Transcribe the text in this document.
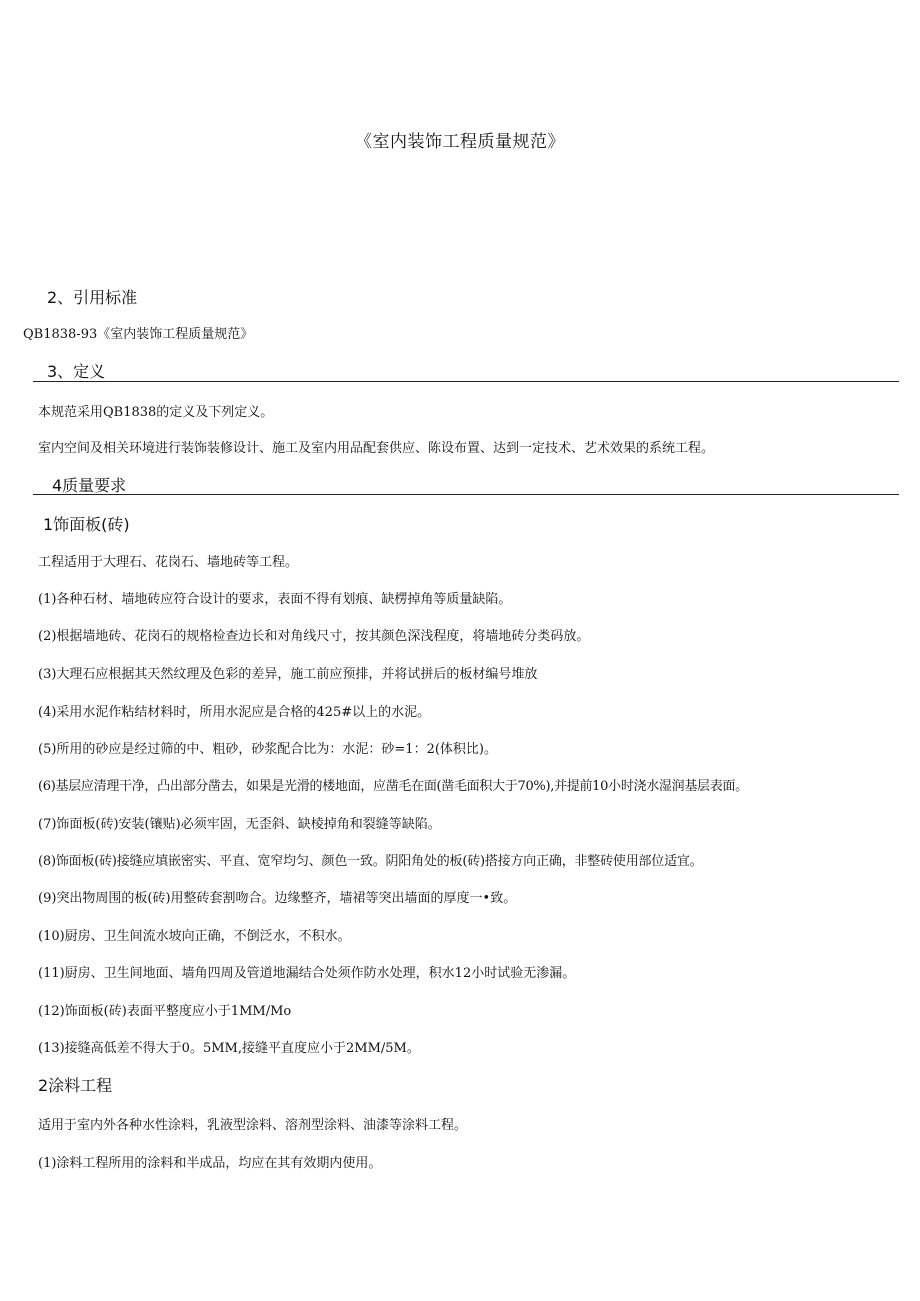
《室内装饰工程质量规范》
2、引用标准
QB1838-93《室内装饰工程质量规范》
3、定义
本规范采用QB1838的定义及下列定义。
室内空间及相关环境进行装饰装修设计、施工及室内用品配套供应、陈设布置、达到一定技术、艺术效果的系统工程。
4质量要求
1饰面板(砖)
工程适用于大理石、花岗石、墙地砖等工程。
(1)各种石材、墙地砖应符合设计的要求，表面不得有划痕、缺楞掉角等质量缺陷。
(2)根据墙地砖、花岗石的规格检查边长和对角线尺寸，按其颜色深浅程度，将墙地砖分类码放。
(3)大理石应根据其天然纹理及色彩的差异，施工前应预排，并将试拼后的板材编号堆放
(4)采用水泥作粘结材料时，所用水泥应是合格的425#以上的水泥。
(5)所用的砂应是经过筛的中、粗砂，砂浆配合比为：水泥：砂=1：2(体积比)。
(6)基层应清理干净，凸出部分凿去，如果是光滑的楼地面，应凿毛在面(凿毛面积大于70%),并提前10小时浇水湿润基层表面。
(7)饰面板(砖)安装(镶贴)必须牢固，无歪斜、缺棱掉角和裂缝等缺陷。
(8)饰面板(砖)接缝应填嵌密实、平直、宽窄均匀、颜色一致。阴阳角处的板(砖)搭接方向正确，非整砖使用部位适宜。
(9)突出物周围的板(砖)用整砖套割吻合。边缘整齐，墙裙等突出墙面的厚度一•致。
(10)厨房、卫生间流水坡向正确，不倒泛水，不积水。
(11)厨房、卫生间地面、墙角四周及管道地漏结合处须作防水处理，积水12小时试验无渗漏。
(12)饰面板(砖)表面平整度应小于1MM/Mo
(13)接缝高低差不得大于0。5MM,接缝平直度应小于2MM/5M。
2涂料工程
适用于室内外各种水性涂料，乳液型涂料、溶剂型涂料、油漆等涂料工程。
(1)涂料工程所用的涂料和半成品，均应在其有效期内使用。
